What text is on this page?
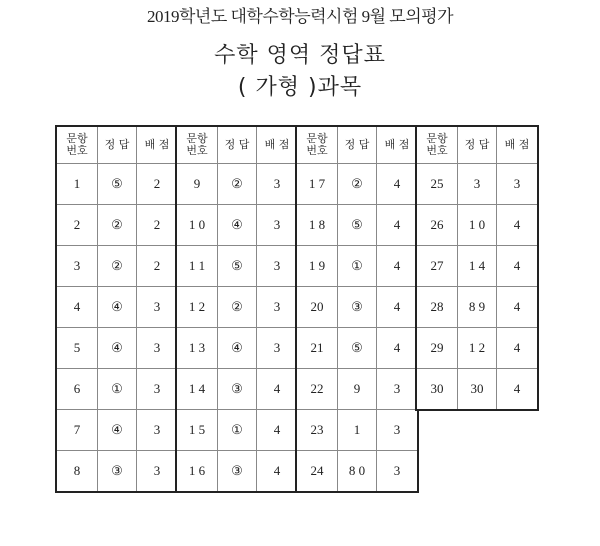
2019학년도 대학수학능력시험 9월 모의평가
수학 영역 정답표
( 가형 )과목
문항
번호	정 답	배 점
1	⑤	2
2	②	2
3	②	2
4	④	3
5	④	3
6	①	3
7	④	3
8	③	3
문항
번호	정 답	배 점
9	②	3
1 0	④	3
1 1	⑤	3
1 2	②	3
1 3	④	3
1 4	③	4
1 5	①	4
1 6	③	4
문항
번호	정 답	배 점
1 7	②	4
1 8	⑤	4
1 9	①	4
20	③	4
21	⑤	4
22	9	3
23	1	3
24	8 0	3
문항
번호	정 답	배 점
25	3	3
26	1 0	4
27	1 4	4
28	8 9	4
29	1 2	4
30	30	4
